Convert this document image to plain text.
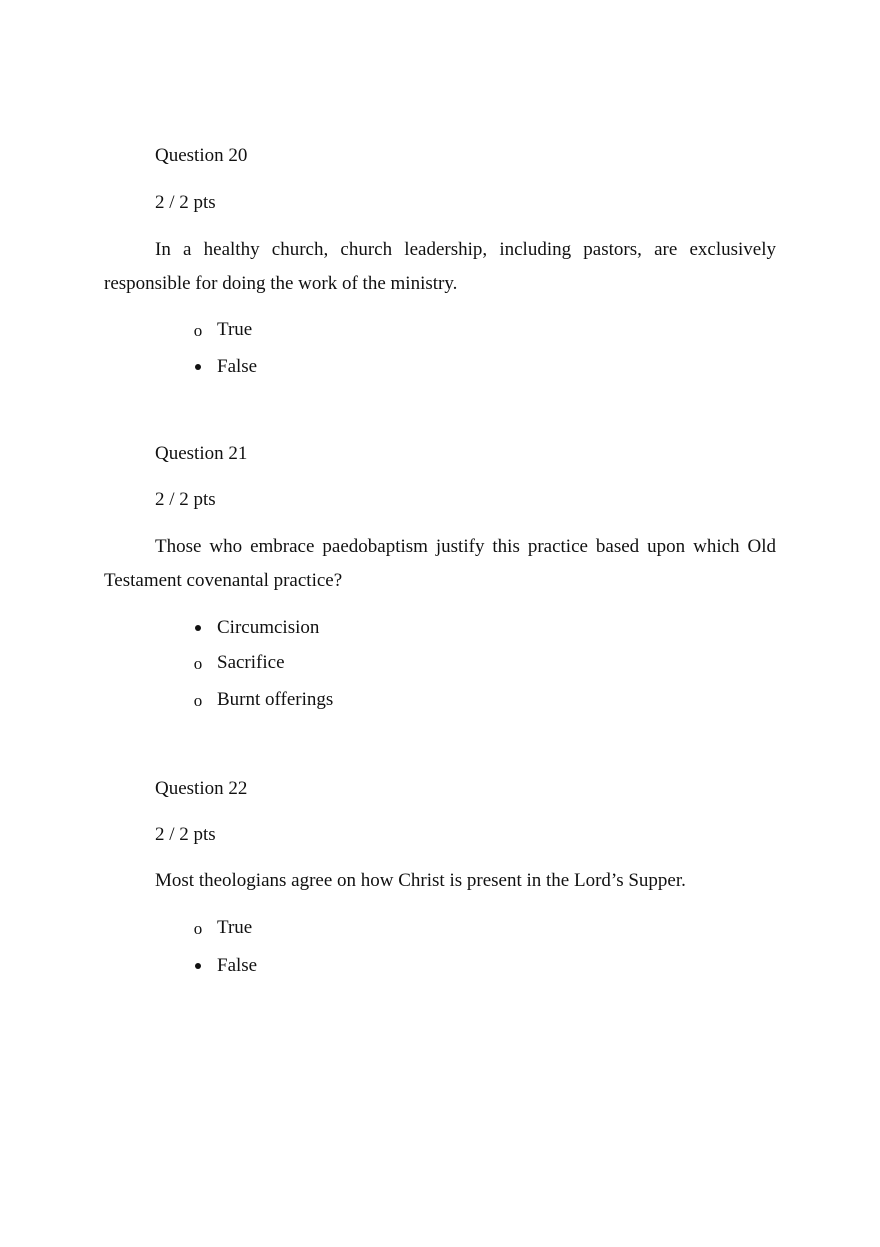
Question 20
2 / 2 pts
In a healthy church, church leadership, including pastors, are exclusively responsible for doing the work of the ministry.
o True
False
Question 21
2 / 2 pts
Those who embrace paedobaptism justify this practice based upon which Old Testament covenantal practice?
Circumcision
o Sacrifice
o Burnt offerings
Question 22
2 / 2 pts
Most theologians agree on how Christ is present in the Lord’s Supper.
o True
False
